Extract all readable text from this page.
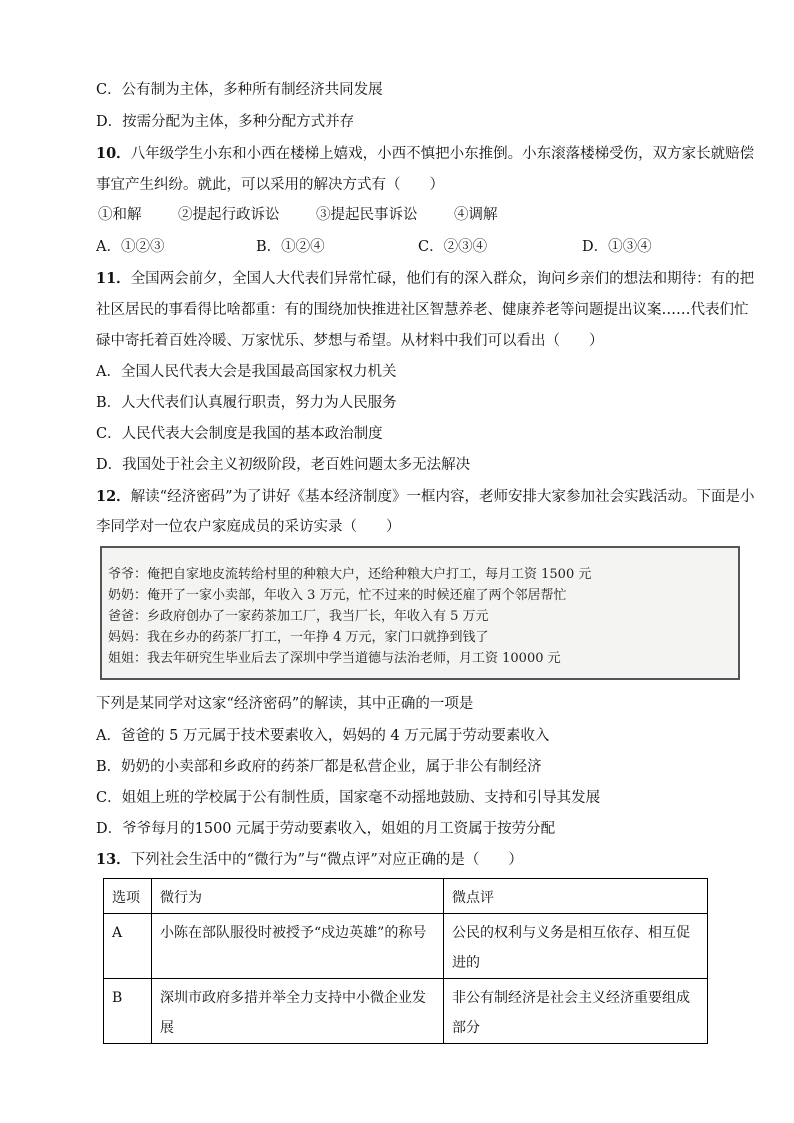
C．公有制为主体，多种所有制经济共同发展
D．按需分配为主体，多种分配方式并存
10．八年级学生小东和小西在楼梯上嬉戏，小西不慎把小东推倒。小东滚落楼梯受伤，双方家长就赔偿
事宜产生纠纷。就此，可以采用的解决方式有（　　）
①和解	②提起行政诉讼	③提起民事诉讼	④调解
A．①②③	B．①②④	C．②③④	D．①③④
11．全国两会前夕，全国人大代表们异常忙碌，他们有的深入群众，询问乡亲们的想法和期待：有的把
社区居民的事看得比啥都重：有的围绕加快推进社区智慧养老、健康养老等问题提出议案……代表们忙
碌中寄托着百姓冷暖、万家忧乐、梦想与希望。从材料中我们可以看出（　　）
A．全国人民代表大会是我国最高国家权力机关
B．人大代表们认真履行职责，努力为人民服务
C．人民代表大会制度是我国的基本政治制度
D．我国处于社会主义初级阶段，老百姓问题太多无法解决
12．解读“经济密码”为了讲好《基本经济制度》一框内容，老师安排大家参加社会实践活动。下面是小
李同学对一位农户家庭成员的采访实录（　　）
爷爷：俺把自家地皮流转给村里的种粮大户，还给种粮大户打工，每月工资 1500 元
奶奶：俺开了一家小卖部，年收入 3 万元，忙不过来的时候还雇了两个邻居帮忙
爸爸：乡政府创办了一家药茶加工厂，我当厂长，年收入有 5 万元
妈妈：我在乡办的药茶厂打工，一年挣 4 万元，家门口就挣到钱了
姐姐：我去年研究生毕业后去了深圳中学当道德与法治老师，月工资 10000 元
下列是某同学对这家“经济密码”的解读，其中正确的一项是
A．爸爸的 5 万元属于技术要素收入，妈妈的 4 万元属于劳动要素收入
B．奶奶的小卖部和乡政府的药茶厂都是私营企业，属于非公有制经济
C．姐姐上班的学校属于公有制性质，国家毫不动摇地鼓励、支持和引导其发展
D．爷爷每月的1500 元属于劳动要素收入，姐姐的月工资属于按劳分配
13．下列社会生活中的“微行为”与“微点评”对应正确的是（　　）
选项	微行为	微点评
A	小陈在部队服役时被授予“戍边英雄”的称号	公民的权利与义务是相互依存、相互促进的
B	深圳市政府多措并举全力支持中小微企业发展	非公有制经济是社会主义经济重要组成部分
